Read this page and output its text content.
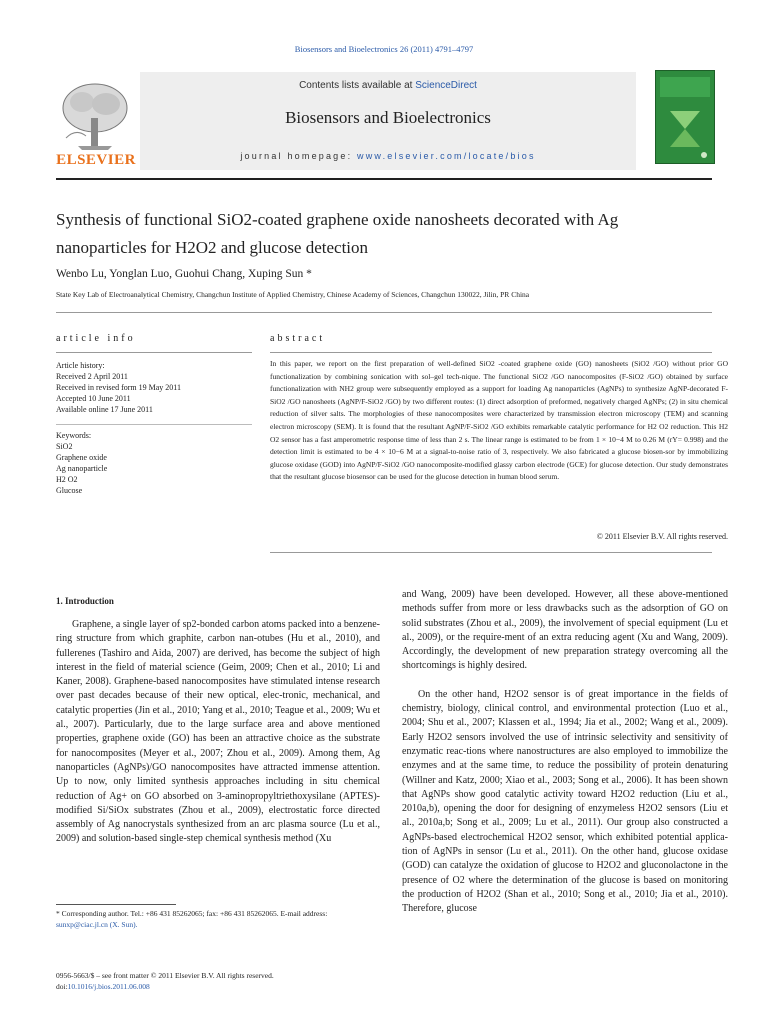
Biosensors and Bioelectronics 26 (2011) 4791–4797
ELSEVIER
Contents lists available at ScienceDirect
Biosensors and Bioelectronics
journal homepage: www.elsevier.com/locate/bios
Synthesis of functional SiO2-coated graphene oxide nanosheets decorated with Ag nanoparticles for H2O2 and glucose detection
Wenbo Lu, Yonglan Luo, Guohui Chang, Xuping Sun *
State Key Lab of Electroanalytical Chemistry, Changchun Institute of Applied Chemistry, Chinese Academy of Sciences, Changchun 130022, Jilin, PR China
article info	abstract
Article history:
Received 2 April 2011
Received in revised form 19 May 2011
Accepted 10 June 2011
Available online 17 June 2011
Keywords:
SiO2
Graphene oxide
Ag nanoparticle
H2 O2
Glucose
In this paper, we report on the first preparation of well-defined SiO2 -coated graphene oxide (GO) nanosheets (SiO2 /GO) without prior GO functionalization by combining sonication with sol–gel tech-nique. The functional SiO2 /GO nanocomposites (F-SiO2 /GO) obtained by surface functionalization with NH2 group were subsequently employed as a support for loading Ag nanoparticles (AgNPs) to synthesize AgNP-decorated F-SiO2 /GO nanosheets (AgNP/F-SiO2 /GO) by two different routes: (1) direct adsorption of preformed, negatively charged AgNPs; (2) in situ chemical reduction of silver salts. The morphologies of these nanocomposites were characterized by transmission electron microscopy (TEM) and scanning electron microscopy (SEM). It is found that the resultant AgNP/F-SiO2 /GO exhibits remarkable catalytic performance for H2 O2 reduction. This H2 O2 sensor has a fast amperometric response time of less than 2 s. The linear range is estimated to be from 1 × 10−4 M to 0.26 M (rY= 0.998) and the detection limit is estimated to be 4 × 10−6 M at a signal-to-noise ratio of 3, respectively. We also fabricated a glucose biosen-sor by immobilizing glucose oxidase (GOD) into AgNP/F-SiO2 /GO nanocomposite-modified glassy carbon electrode (GCE) for glucose detection. Our study demonstrates that the resultant glucose biosensor can be used for the glucose detection in human blood serum.
© 2011 Elsevier B.V. All rights reserved.
1. Introduction

Graphene, a single layer of sp2-bonded carbon atoms packed into a benzene-ring structure from which graphite, carbon nan-otubes (Hu et al., 2010), and fullerenes (Tashiro and Aida, 2007) are derived, has become the subject of high interest in the field of material science (Geim, 2009; Chen et al., 2010; Li and Kaner, 2008). Graphene-based nanocomposites have stimulated intense research over past decades because of their new optical, elec-tronic, mechanical, and catalytic properties (Jin et al., 2010; Yang et al., 2010; Teague et al., 2009; Wu et al., 2007). Particularly, due to the large surface area and above mentioned properties, graphene oxide (GO) has been an attractive choice as the substrate for nanocomposites (Meyer et al., 2007; Zhou et al., 2009). Among them, Ag nanoparticles (AgNPs)/GO nanocomposites have attracted immense attention. Up to now, only limited synthesis approaches including in situ chemical reduction of Ag+ on GO absorbed on 3-aminopropyltriethoxysilane (APTES)-modified Si/SiOx substrates (Zhou et al., 2009), electrostatic force directed assembly of Ag nanocrystals synthesized from an arc plasma source (Lu et al., 2009) and solution-based single-step chemical synthesis method (Xu

and Wang, 2009) have been developed. However, all these above-mentioned methods suffer from more or less drawbacks such as the adsorption of GO on solid substrates (Zhou et al., 2009), the involvement of special equipment (Lu et al., 2009), or the require-ment of an extra reducing agent (Xu and Wang, 2009). Accordingly, the development of new preparation strategy overcoming all the shortcomings is highly desired.

On the other hand, H2O2 sensor is of great importance in the fields of chemistry, biology, clinical control, and environmental protection (Luo et al., 2004; Shu et al., 2007; Klassen et al., 1994; Jia et al., 2002; Wang et al., 2009). Early H2O2 sensors involved the use of intrinsic selectivity and sensitivity of enzymatic reac-tions where nanostructures are also employed to immobilize the enzymes and at the same time, to reduce the possibility of protein denaturing (Willner and Katz, 2000; Xiao et al., 2003; Song et al., 2006). It has been shown that AgNPs show good catalytic activity toward H2O2 reduction (Liu et al., 2010a,b), opening the door for designing of enzymeless H2O2 sensors (Liu et al., 2010a,b; Song et al., 2009; Lu et al., 2011). Our group also constructed a AgNPs-based electrochemical H2O2 sensor, which exhibited potential applica-tion of AgNPs in sensor (Lu et al., 2011). On the other hand, glucose oxidase (GOD) can catalyze the oxidation of glucose to H2O2 and gluconolactone in the presence of O2 where the determination of the glucose is based on monitoring the production of H2O2 (Shan et al., 2010; Song et al., 2010; Jia et al., 2010). Therefore, glucose

* Corresponding author. Tel.: +86 431 85262065; fax: +86 431 85262065. E-mail address:
sunxp@ciac.jl.cn (X. Sun).
0956-5663/$ – see front matter © 2011 Elsevier B.V. All rights reserved.
doi:10.1016/j.bios.2011.06.008
